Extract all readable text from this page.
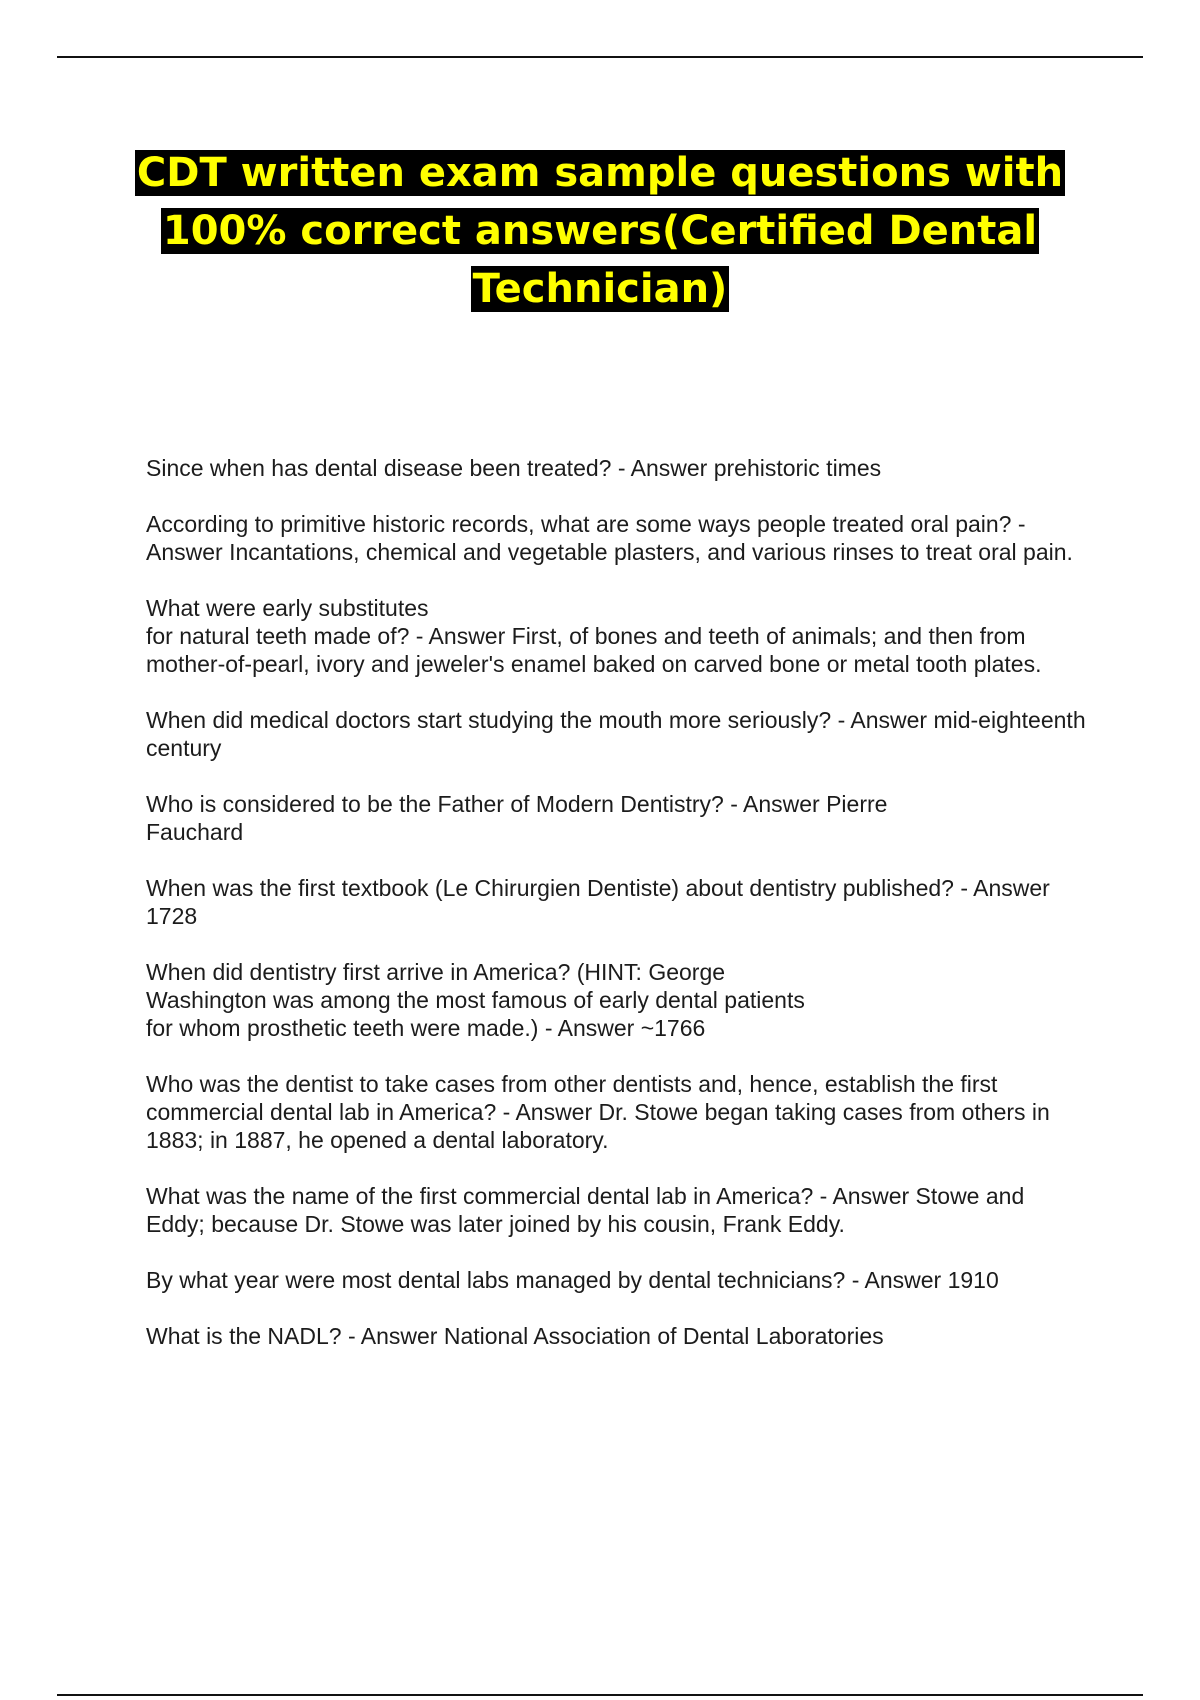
CDT written exam sample questions with 100% correct answers(Certified Dental Technician)

Since when has dental disease been treated? - Answer prehistoric times

According to primitive historic records, what are some ways people treated oral pain? - Answer Incantations, chemical and vegetable plasters, and various rinses to treat oral pain.

What were early substitutes
for natural teeth made of? - Answer First, of bones and teeth of animals; and then from mother-of-pearl, ivory and jeweler's enamel baked on carved bone or metal tooth plates.

When did medical doctors start studying the mouth more seriously? - Answer mid-eighteenth century

Who is considered to be the Father of Modern Dentistry? - Answer Pierre
Fauchard

When was the first textbook (Le Chirurgien Dentiste) about dentistry published? - Answer 1728

When did dentistry first arrive in America? (HINT: George
Washington was among the most famous of early dental patients
for whom prosthetic teeth were made.) - Answer ~1766

Who was the dentist to take cases from other dentists and, hence, establish the first commercial dental lab in America? - Answer Dr. Stowe began taking cases from others in 1883; in 1887, he opened a dental laboratory.

What was the name of the first commercial dental lab in America? - Answer Stowe and Eddy; because Dr. Stowe was later joined by his cousin, Frank Eddy.

By what year were most dental labs managed by dental technicians? - Answer 1910

What is the NADL? - Answer National Association of Dental Laboratories
